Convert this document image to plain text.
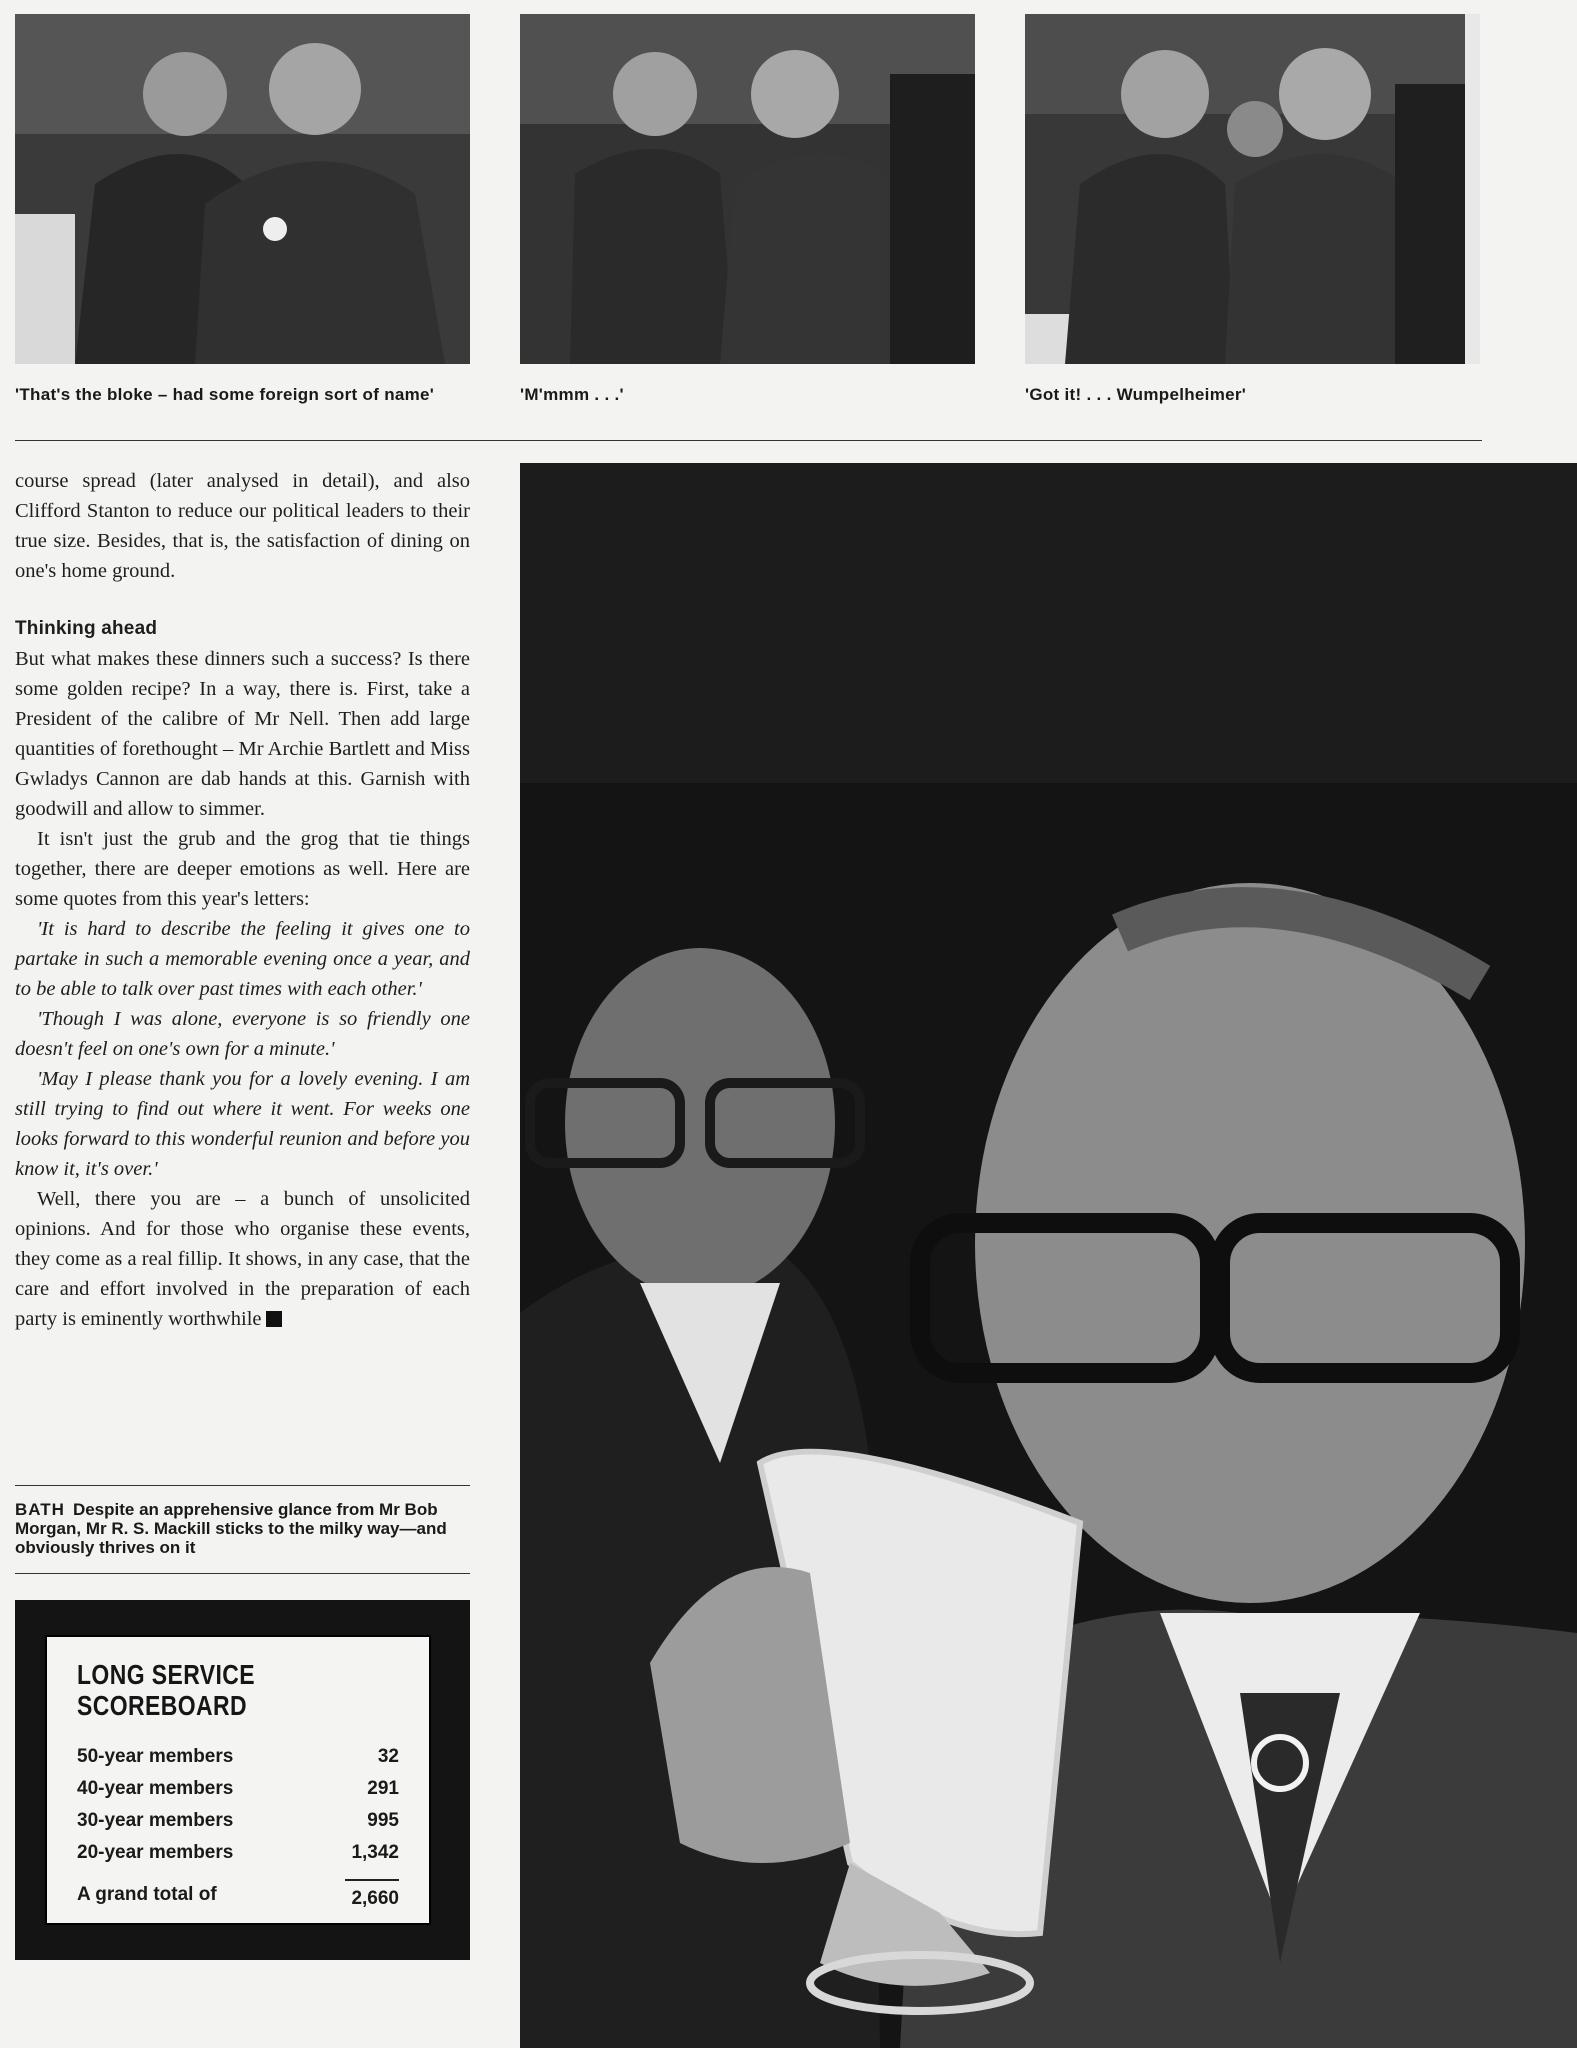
'That's the bloke – had some foreign sort of name'	'M'mmm . . .'	'Got it! . . . Wumpelheimer'

course spread (later analysed in detail), and also Clifford Stanton to reduce our political leaders to their true size. Besides, that is, the satisfaction of dining on one's home ground.

Thinking ahead

But what makes these dinners such a success? Is there some golden recipe? In a way, there is. First, take a President of the calibre of Mr Nell. Then add large quantities of forethought – Mr Archie Bartlett and Miss Gwladys Cannon are dab hands at this. Garnish with goodwill and allow to simmer.

It isn't just the grub and the grog that tie things together, there are deeper emotions as well. Here are some quotes from this year's letters:

'It is hard to describe the feeling it gives one to partake in such a memorable evening once a year, and to be able to talk over past times with each other.'

'Though I was alone, everyone is so friendly one doesn't feel on one's own for a minute.'

'May I please thank you for a lovely evening. I am still trying to find out where it went. For weeks one looks forward to this wonderful reunion and before you know it, it's over.'

Well, there you are – a bunch of unsolicited opinions. And for those who organise these events, they come as a real fillip. It shows, in any case, that the care and effort involved in the preparation of each party is eminently worthwhile

BATH Despite an apprehensive glance from Mr Bob Morgan, Mr R. S. Mackill sticks to the milky way—and obviously thrives on it
LONG SERVICE
SCOREBOARD
50-year members	32
40-year members	291
30-year members	995
20-year members	1,342
A grand total of	2,660
